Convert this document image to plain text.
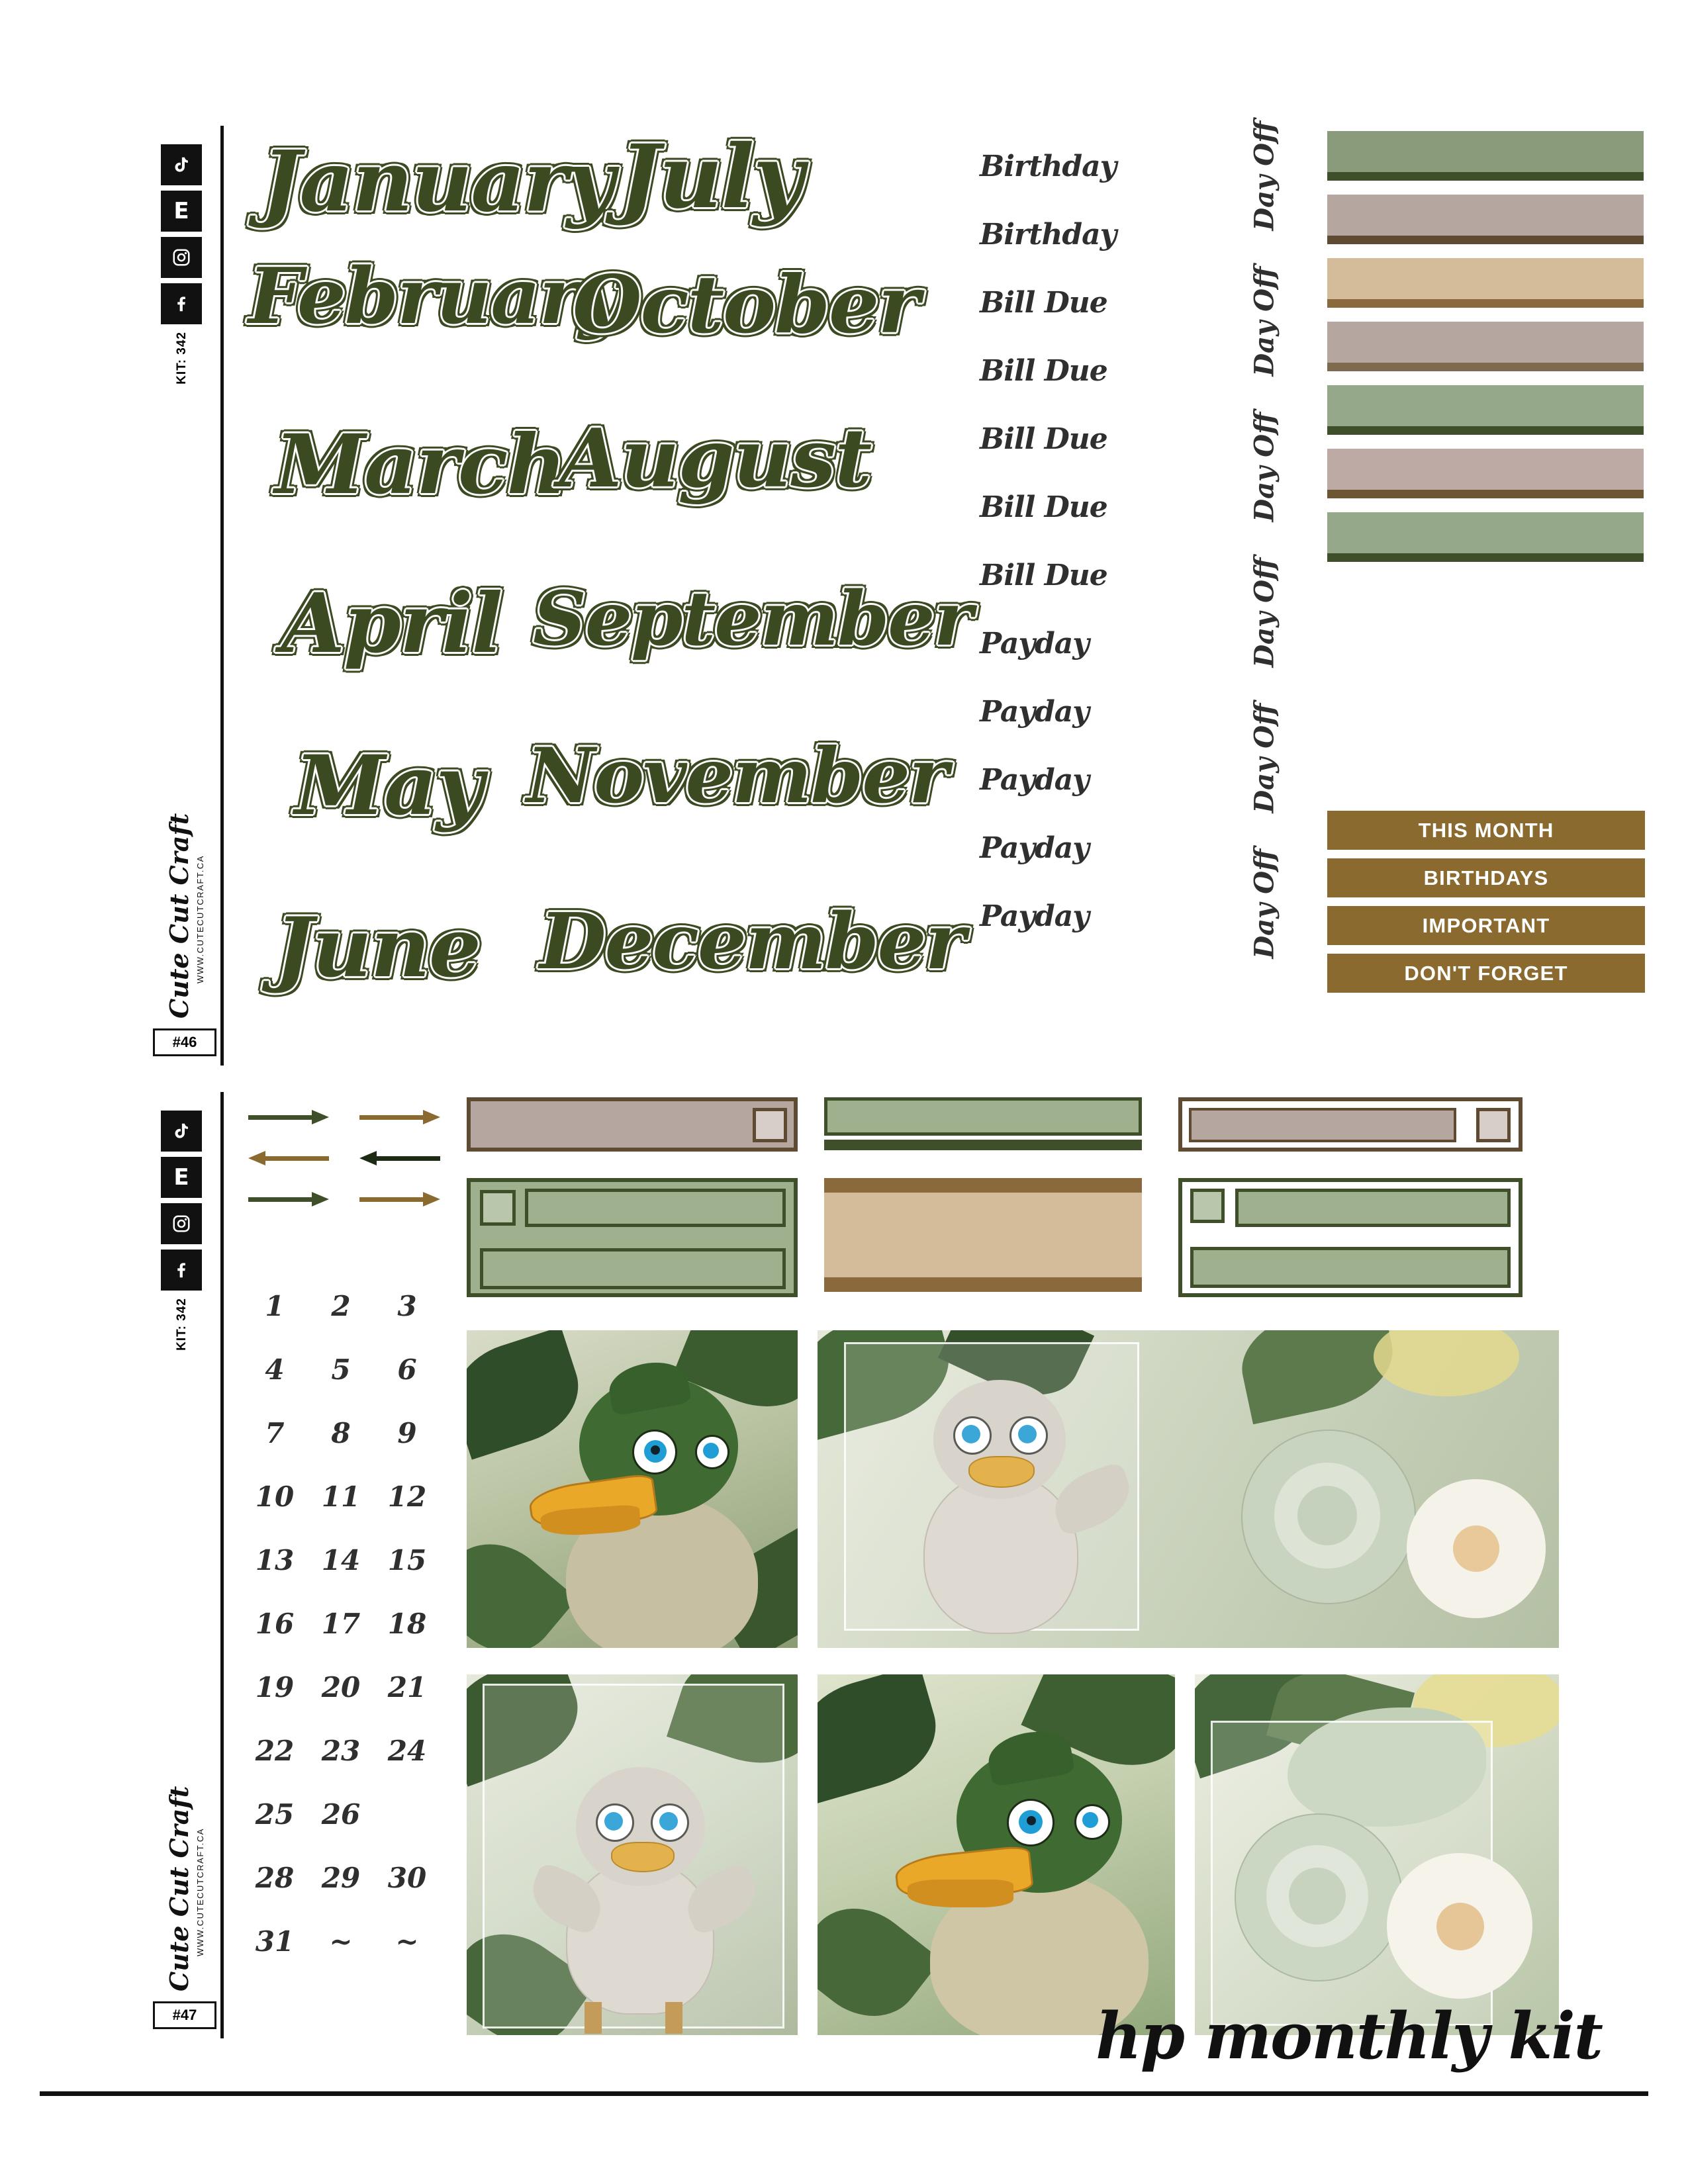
E
KIT: 342
Cute Cut Craft WWW.CUTECUTCRAFT.CA
#46
January July
February
October
March
August
April September
May November
June December
Birthday
Birthday
Bill Due
Bill Due
Bill Due
Bill Due
Bill Due
Payday
Payday
Payday
Payday
Payday
Day Off
Day Off
Day Off
Day Off
Day Off
Day Off
THIS MONTH
BIRTHDAYS
IMPORTANT
DON'T FORGET
E
KIT: 342
Cute Cut Craft WWW.CUTECUTCRAFT.CA
#47
1	2	3
4	5	6
7	8	9
10 11 12
13 14 15
16 17 18
19 20 21
22 23 24
25 26
28 29 30
31	~	~
hp monthly kit
